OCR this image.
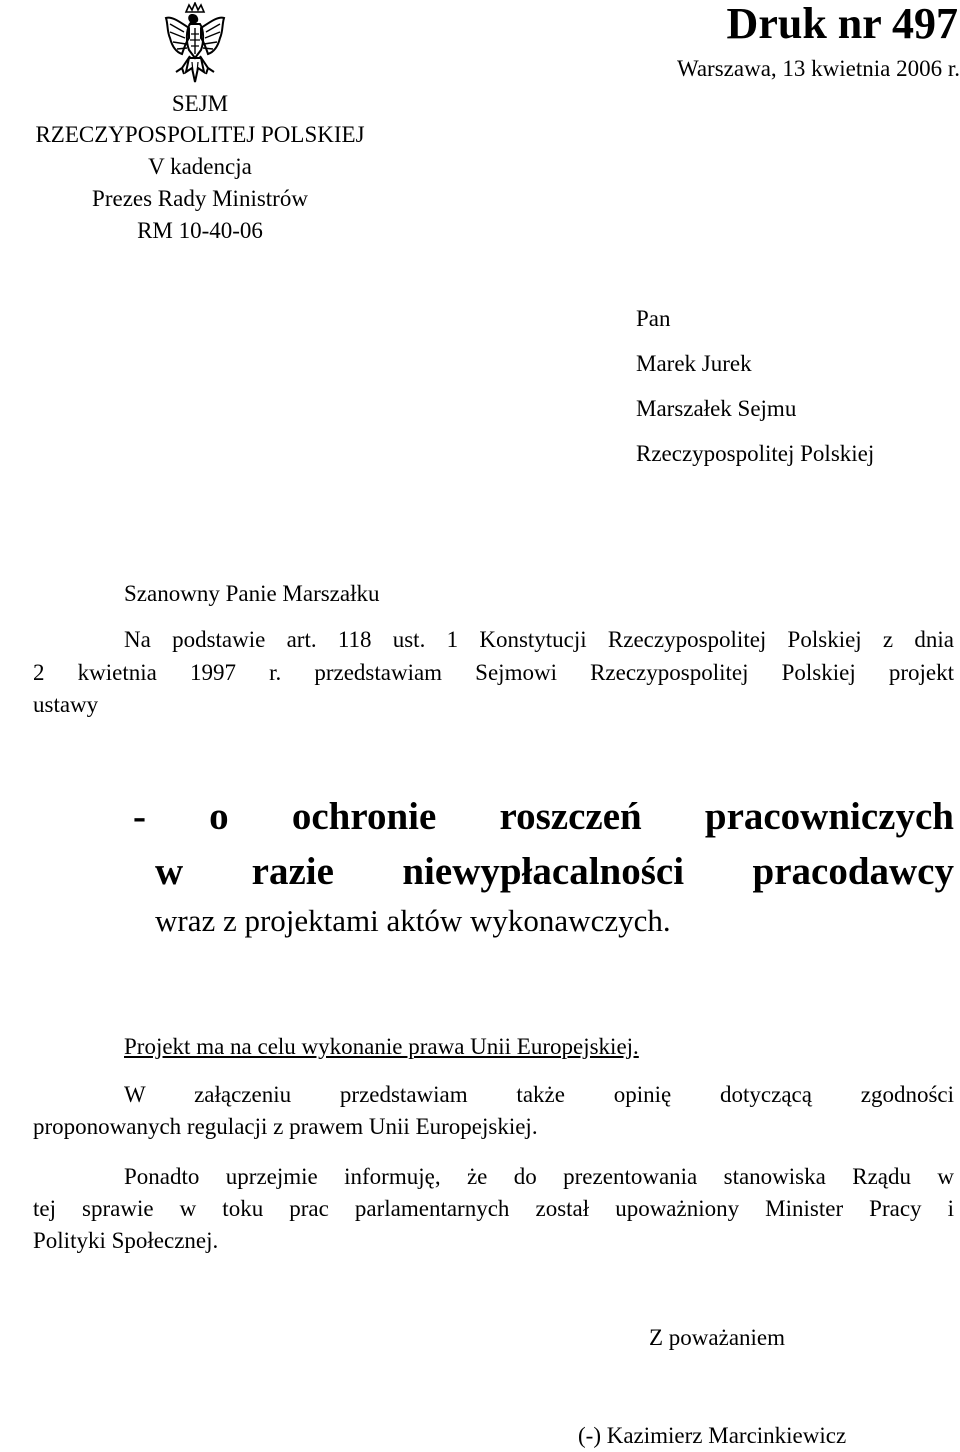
SEJM
RZECZYPOSPOLITEJ POLSKIEJ
V kadencja
Prezes Rady Ministrów
RM 10-40-06
Druk nr 497
Warszawa, 13 kwietnia 2006 r.
Pan
Marek Jurek
Marszałek Sejmu
Rzeczypospolitej Polskiej
Szanowny Panie Marszałku
Na podstawie art. 118 ust. 1 Konstytucji Rzeczypospolitej Polskiej z dnia
2 kwietnia 1997 r. przedstawiam Sejmowi Rzeczypospolitej Polskiej projekt
ustawy
- o ochronie roszczeń pracowniczych
w razie niewypłacalności pracodawcy
wraz z projektami aktów wykonawczych.
Projekt ma na celu wykonanie prawa Unii Europejskiej.
W załączeniu przedstawiam także opinię dotyczącą zgodności
proponowanych regulacji z prawem Unii Europejskiej.
Ponadto uprzejmie informuję, że do prezentowania stanowiska Rządu w
tej sprawie w toku prac parlamentarnych został upoważniony Minister Pracy i
Polityki Społecznej.
Z poważaniem
(-) Kazimierz Marcinkiewicz
